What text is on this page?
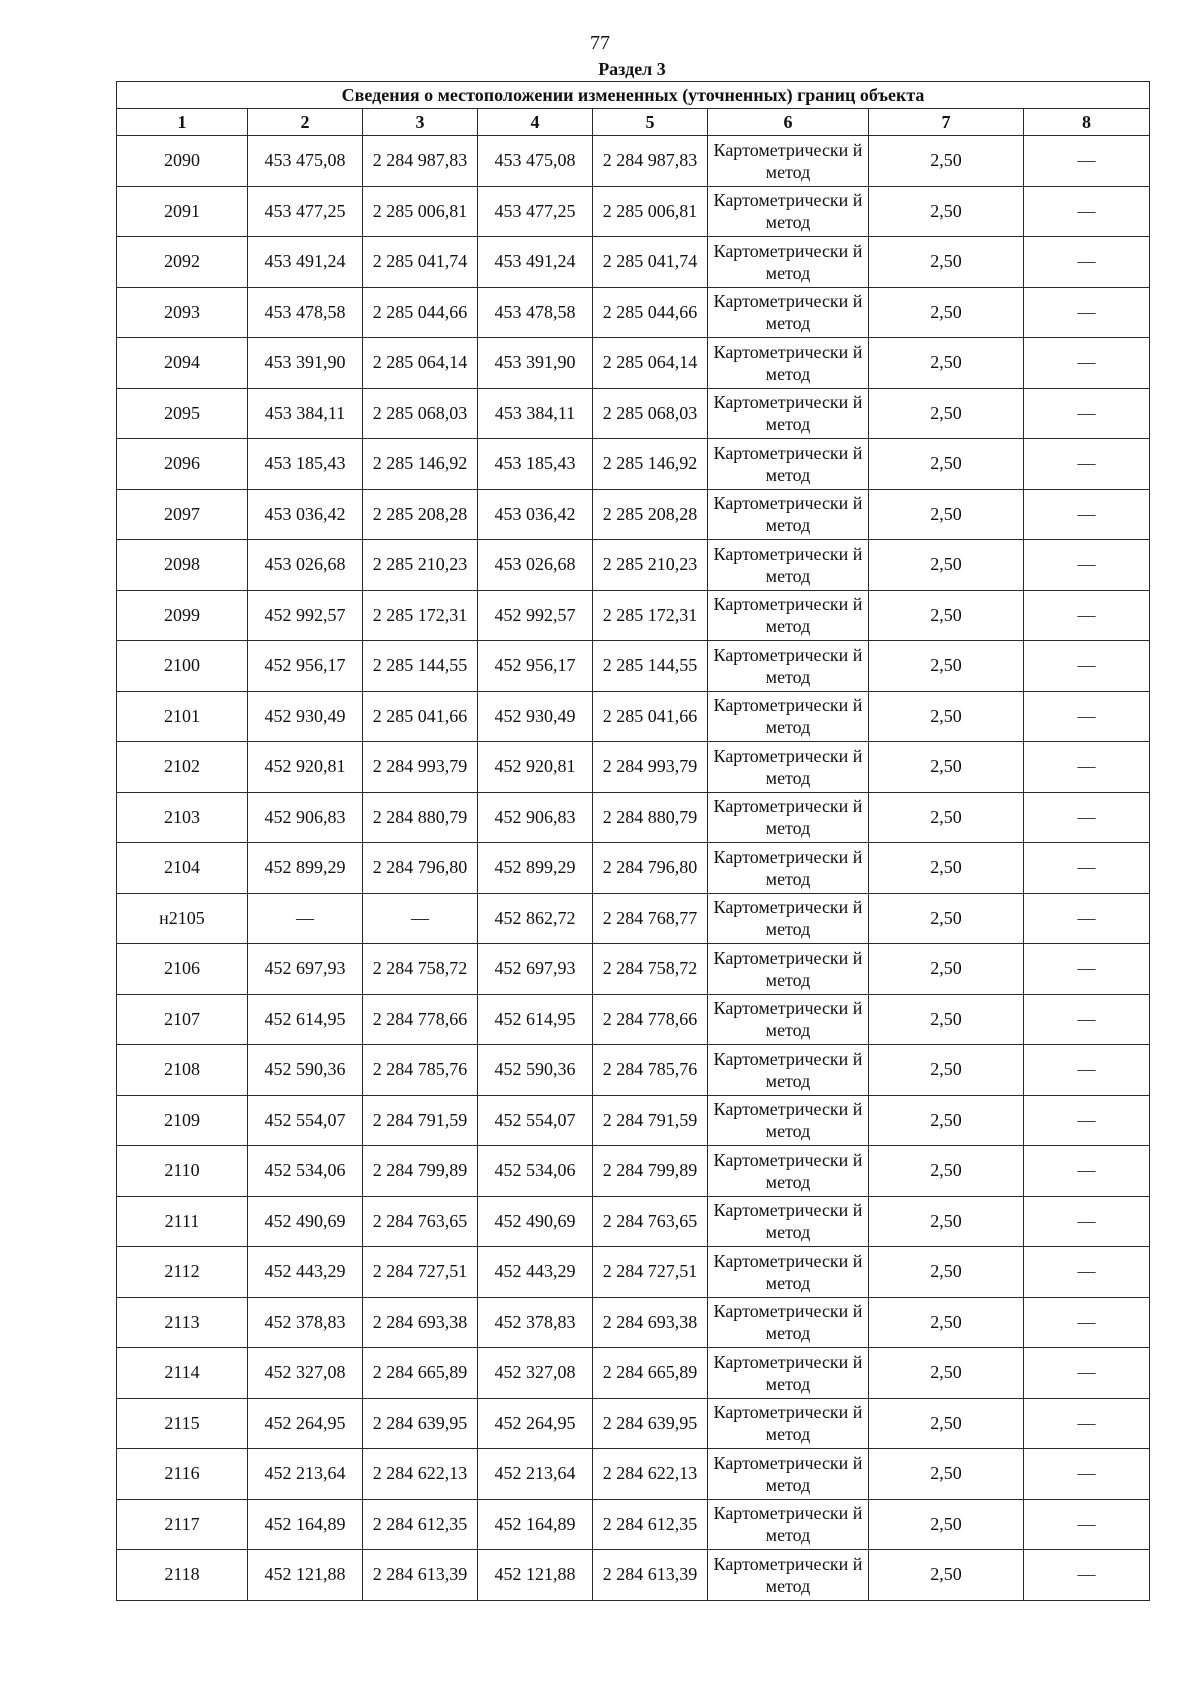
77
Раздел 3
Сведения о местоположении измененных (уточненных) границ объекта							
1	2	3	4	5	6	7	8
2090	453 475,08	2 284 987,83	453 475,08	2 284 987,83	Картометрически й метод	2,50	—
2091	453 477,25	2 285 006,81	453 477,25	2 285 006,81	Картометрически й метод	2,50	—
2092	453 491,24	2 285 041,74	453 491,24	2 285 041,74	Картометрически й метод	2,50	—
2093	453 478,58	2 285 044,66	453 478,58	2 285 044,66	Картометрически й метод	2,50	—
2094	453 391,90	2 285 064,14	453 391,90	2 285 064,14	Картометрически й метод	2,50	—
2095	453 384,11	2 285 068,03	453 384,11	2 285 068,03	Картометрически й метод	2,50	—
2096	453 185,43	2 285 146,92	453 185,43	2 285 146,92	Картометрически й метод	2,50	—
2097	453 036,42	2 285 208,28	453 036,42	2 285 208,28	Картометрически й метод	2,50	—
2098	453 026,68	2 285 210,23	453 026,68	2 285 210,23	Картометрически й метод	2,50	—
2099	452 992,57	2 285 172,31	452 992,57	2 285 172,31	Картометрически й метод	2,50	—
2100	452 956,17	2 285 144,55	452 956,17	2 285 144,55	Картометрически й метод	2,50	—
2101	452 930,49	2 285 041,66	452 930,49	2 285 041,66	Картометрически й метод	2,50	—
2102	452 920,81	2 284 993,79	452 920,81	2 284 993,79	Картометрически й метод	2,50	—
2103	452 906,83	2 284 880,79	452 906,83	2 284 880,79	Картометрически й метод	2,50	—
2104	452 899,29	2 284 796,80	452 899,29	2 284 796,80	Картометрически й метод	2,50	—
н2105	—	—	452 862,72	2 284 768,77	Картометрически й метод	2,50	—
2106	452 697,93	2 284 758,72	452 697,93	2 284 758,72	Картометрически й метод	2,50	—
2107	452 614,95	2 284 778,66	452 614,95	2 284 778,66	Картометрически й метод	2,50	—
2108	452 590,36	2 284 785,76	452 590,36	2 284 785,76	Картометрически й метод	2,50	—
2109	452 554,07	2 284 791,59	452 554,07	2 284 791,59	Картометрически й метод	2,50	—
2110	452 534,06	2 284 799,89	452 534,06	2 284 799,89	Картометрически й метод	2,50	—
2111	452 490,69	2 284 763,65	452 490,69	2 284 763,65	Картометрически й метод	2,50	—
2112	452 443,29	2 284 727,51	452 443,29	2 284 727,51	Картометрически й метод	2,50	—
2113	452 378,83	2 284 693,38	452 378,83	2 284 693,38	Картометрически й метод	2,50	—
2114	452 327,08	2 284 665,89	452 327,08	2 284 665,89	Картометрически й метод	2,50	—
2115	452 264,95	2 284 639,95	452 264,95	2 284 639,95	Картометрически й метод	2,50	—
2116	452 213,64	2 284 622,13	452 213,64	2 284 622,13	Картометрически й метод	2,50	—
2117	452 164,89	2 284 612,35	452 164,89	2 284 612,35	Картометрически й метод	2,50	—
2118	452 121,88	2 284 613,39	452 121,88	2 284 613,39	Картометрически й метод	2,50	—
